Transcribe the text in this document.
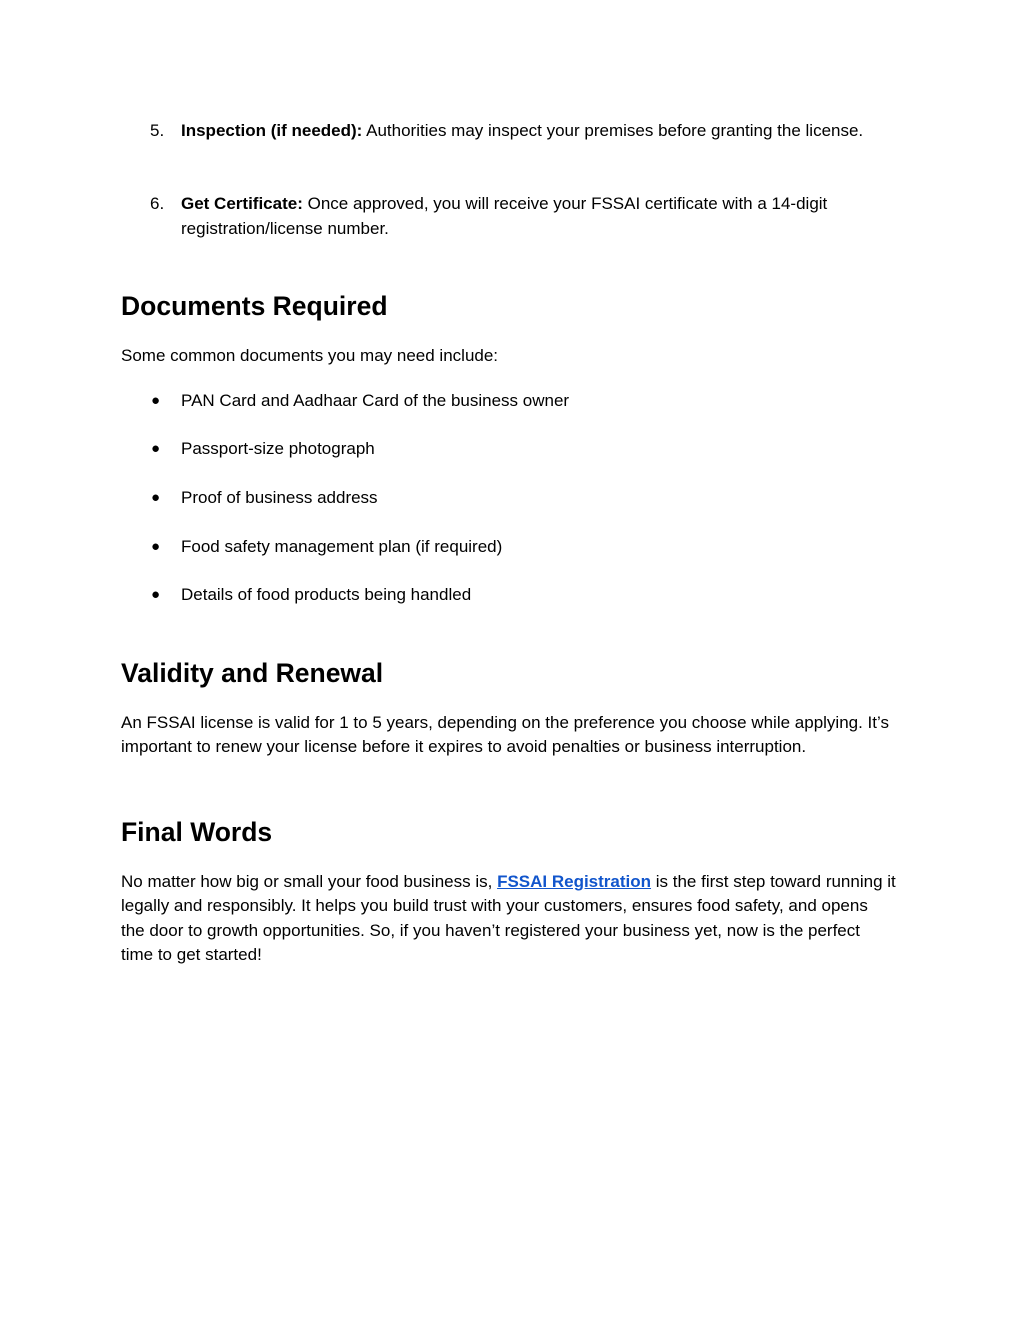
5. Inspection (if needed): Authorities may inspect your premises before granting the license.
6. Get Certificate: Once approved, you will receive your FSSAI certificate with a 14-digit registration/license number.
Documents Required

Some common documents you may need include:

● PAN Card and Aadhaar Card of the business owner
● Passport-size photograph
● Proof of business address
● Food safety management plan (if required)
● Details of food products being handled
Validity and Renewal

An FSSAI license is valid for 1 to 5 years, depending on the preference you choose while applying. It’s important to renew your license before it expires to avoid penalties or business interruption.

Final Words

No matter how big or small your food business is, FSSAI Registration is the first step toward running it legally and responsibly. It helps you build trust with your customers, ensures food safety, and opens the door to growth opportunities. So, if you haven’t registered your business yet, now is the perfect time to get started!
